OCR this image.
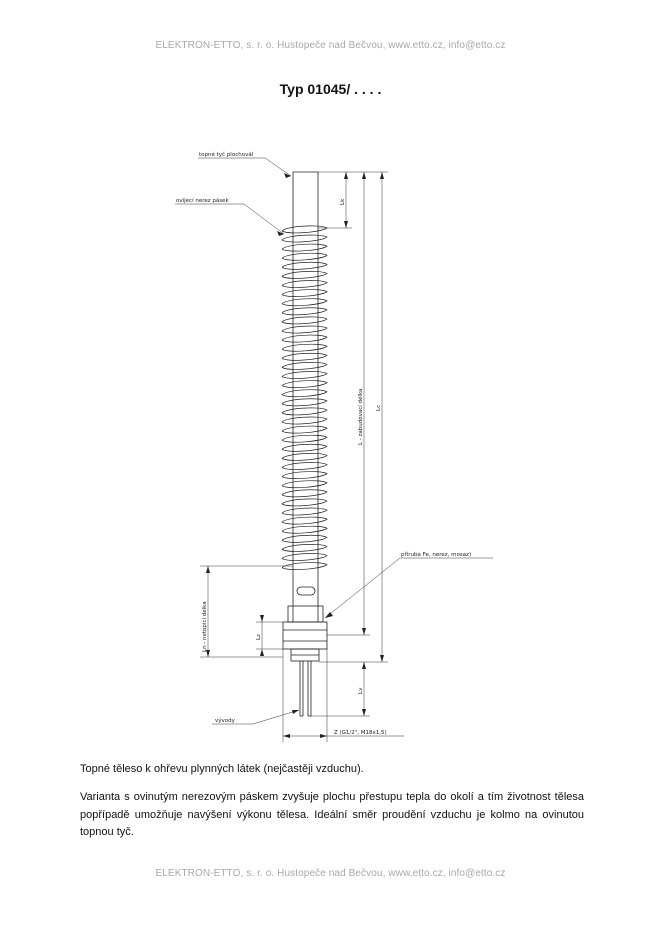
ELEKTRON-ETTO, s. r. o. Hustopeče nad Bečvou, www.etto.cz, info@etto.cz
Typ 01045/ . . . .
topné tyč plochovál
ovíjecí nerez pásek
příruba Fe, nerez, mosaz)
vývody
Z (G1/2", M18x1,5)
Lk
L - zabudovací délka Lc
Ln - netopící délka	Lz
Lv
Topné těleso k ohřevu plynných látek (nejčastěji vzduchu).
Varianta s ovinutým nerezovým páskem zvyšuje plochu přestupu tepla do okolí a tím životnost tělesa popřípadě umožňuje navýšení výkonu tělesa. Ideální směr proudění vzduchu je kolmo na ovinutou topnou tyč.
ELEKTRON-ETTO, s. r. o. Hustopeče nad Bečvou, www.etto.cz, info@etto.cz
